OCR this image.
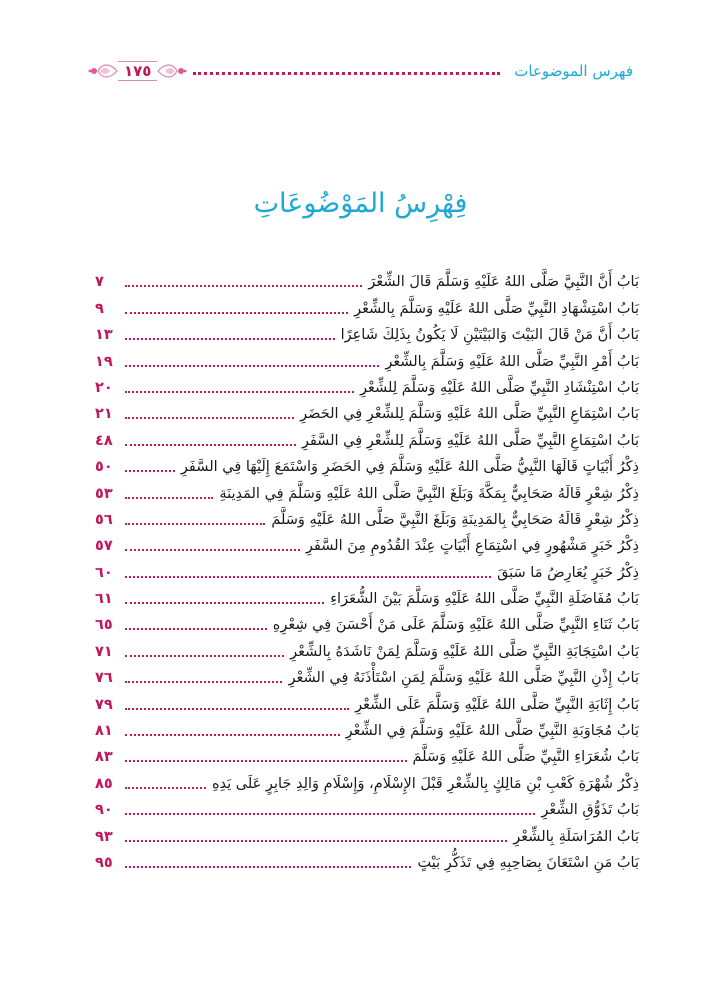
فهرس الموضوعات
١٧٥
فِهْرِسُ المَوْضُوعَاتِ
بَابُ أَنَّ النَّبِيَّ صَلَّى اللهُ عَلَيْهِ وَسَلَّمَ قَالَ الشِّعْرَ
٧
بَابُ اسْتِشْهَادِ النَّبِيِّ صَلَّى اللهُ عَلَيْهِ وَسَلَّمَ بِالشِّعْرِ
٩
بَابُ أَنَّ مَنْ قَالَ البَيْتَ وَالبَيْتَيْنِ لَا يَكُونُ بِذَلِكَ شَاعِرًا
١٣
بَابُ أَمْرِ النَّبِيِّ صَلَّى اللهُ عَلَيْهِ وَسَلَّمَ بِالشِّعْرِ
١٩
بَابُ اسْتِنْشَادِ النَّبِيِّ صَلَّى اللهُ عَلَيْهِ وَسَلَّمَ لِلشِّعْرِ
٢٠
بَابُ اسْتِمَاعِ النَّبِيِّ صَلَّى اللهُ عَلَيْهِ وَسَلَّمَ لِلشِّعْرِ فِي الحَضَرِ
٢١
بَابُ اسْتِمَاعِ النَّبِيِّ صَلَّى اللهُ عَلَيْهِ وَسَلَّمَ لِلشِّعْرِ فِي السَّفَرِ
٤٨
ذِكْرُ أَبْيَاتٍ قَالَهَا النَّبِيُّ صَلَّى اللهُ عَلَيْهِ وَسَلَّمَ فِي الحَضَرِ وَاسْتَمَعَ إِلَيْهَا فِي السَّفَرِ
٥٠
ذِكْرُ شِعْرٍ قَالَهُ صَحَابِيٌّ بِمَكَّةَ وَبَلَغَ النَّبِيَّ صَلَّى اللهُ عَلَيْهِ وَسَلَّمَ فِي المَدِينَةِ
٥٣
ذِكْرُ شِعْرٍ قَالَهُ صَحَابِيٌّ بِالمَدِينَةِ وَبَلَغَ النَّبِيَّ صَلَّى اللهُ عَلَيْهِ وَسَلَّمَ
٥٦
ذِكْرُ خَبَرٍ مَشْهُورٍ فِي اسْتِمَاعِ أَبْيَاتٍ عِنْدَ القُدُومِ مِنَ السَّفَرِ
٥٧
ذِكْرُ خَبَرٍ يُعَارِضُ مَا سَبَقَ
٦٠
بَابُ مُفَاضَلَةِ النَّبِيِّ صَلَّى اللهُ عَلَيْهِ وَسَلَّمَ بَيْنَ الشُّعَرَاءِ
٦١
بَابُ ثَنَاءِ النَّبِيِّ صَلَّى اللهُ عَلَيْهِ وَسَلَّمَ عَلَى مَنْ أَحْسَنَ فِي شِعْرِهِ
٦٥
بَابُ اسْتِجَابَةِ النَّبِيِّ صَلَّى اللهُ عَلَيْهِ وَسَلَّمَ لِمَنْ نَاشَدَهُ بِالشِّعْرِ
٧١
بَابُ إِذْنِ النَّبِيِّ صَلَّى اللهُ عَلَيْهِ وَسَلَّمَ لِمَنِ اسْتَأْذَنَهُ فِي الشِّعْرِ
٧٦
بَابُ إِثَابَةِ النَّبِيِّ صَلَّى اللهُ عَلَيْهِ وَسَلَّمَ عَلَى الشِّعْرِ
٧٩
بَابُ مُجَاوَبَةِ النَّبِيِّ صَلَّى اللهُ عَلَيْهِ وَسَلَّمَ فِي الشِّعْرِ
٨١
بَابُ شُعَرَاءِ النَّبِيِّ صَلَّى اللهُ عَلَيْهِ وَسَلَّمَ
٨٣
ذِكْرُ شُهْرَةِ كَعْبِ بْنِ مَالِكٍ بِالشِّعْرِ قَبْلَ الإِسْلَامِ، وَإِسْلَامِ وَالِدِ جَابِرٍ عَلَى يَدِهِ
٨٥
بَابُ تَذَوُّقِ الشِّعْرِ
٩٠
بَابُ المُرَاسَلَةِ بِالشِّعْرِ
٩٣
بَابُ مَنِ اسْتَعَانَ بِصَاحِبِهِ فِي تَذَكُّرِ بَيْتٍ
٩٥
